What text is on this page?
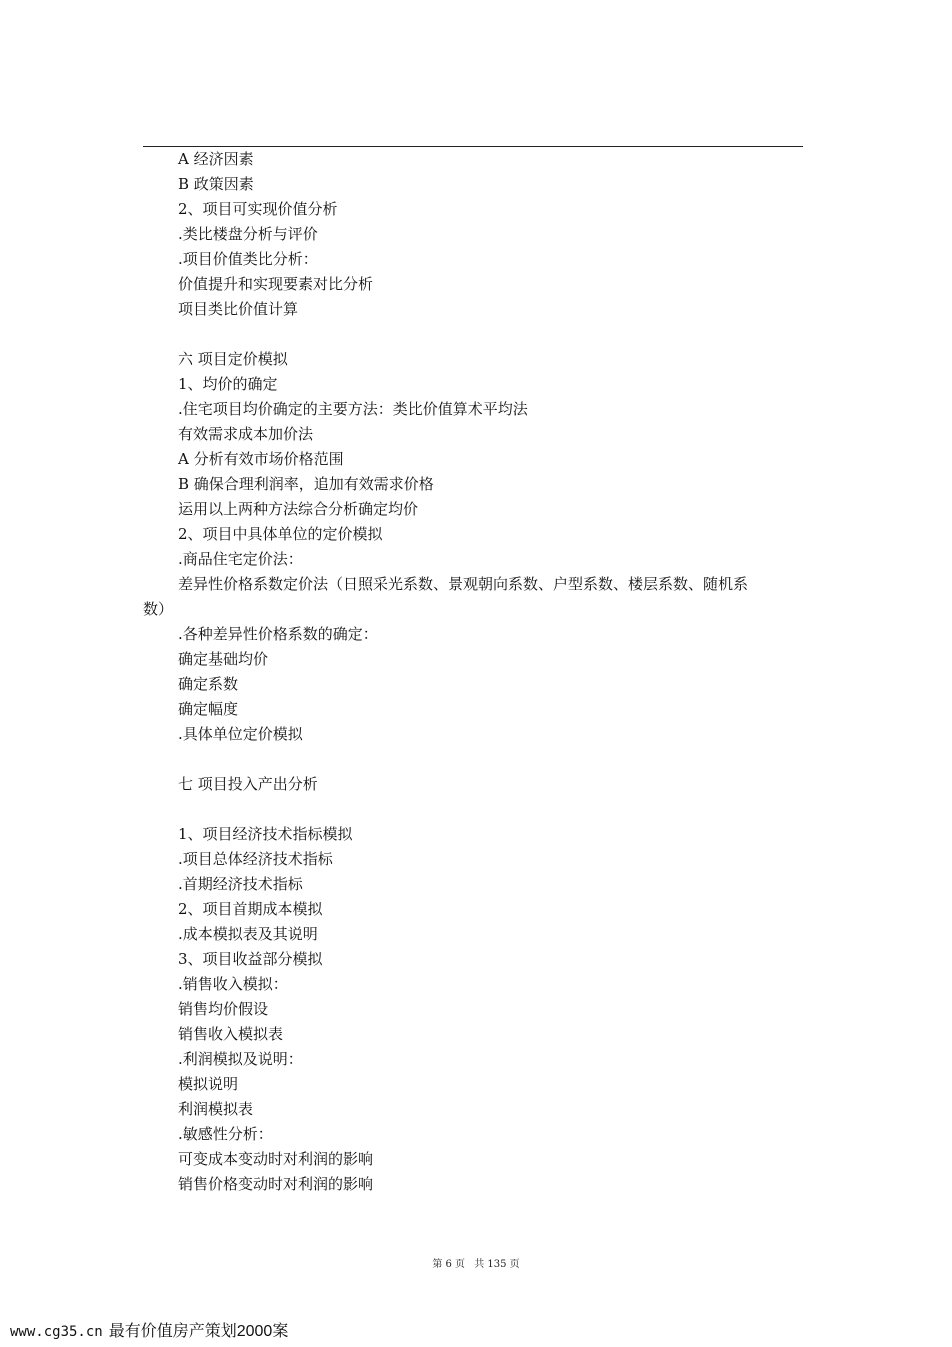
A 经济因素
B 政策因素
2、项目可实现价值分析
.类比楼盘分析与评价
.项目价值类比分析：
价值提升和实现要素对比分析
项目类比价值计算
六 项目定价模拟
1、均价的确定
.住宅项目均价确定的主要方法：类比价值算术平均法
有效需求成本加价法
A 分析有效市场价格范围
B 确保合理利润率，追加有效需求价格
运用以上两种方法综合分析确定均价
2、项目中具体单位的定价模拟
.商品住宅定价法：
差异性价格系数定价法（日照采光系数、景观朝向系数、户型系数、楼层系数、随机系
数）
.各种差异性价格系数的确定：
确定基础均价
确定系数
确定幅度
.具体单位定价模拟
七 项目投入产出分析
1、项目经济技术指标模拟
.项目总体经济技术指标
.首期经济技术指标
2、项目首期成本模拟
.成本模拟表及其说明
3、项目收益部分模拟
.销售收入模拟：
销售均价假设
销售收入模拟表
.利润模拟及说明：
模拟说明
利润模拟表
.敏感性分析：
可变成本变动时对利润的影响
销售价格变动时对利润的影响
第 6 页 共 135 页
www.cg35.cn 最有价值房产策划2000案
